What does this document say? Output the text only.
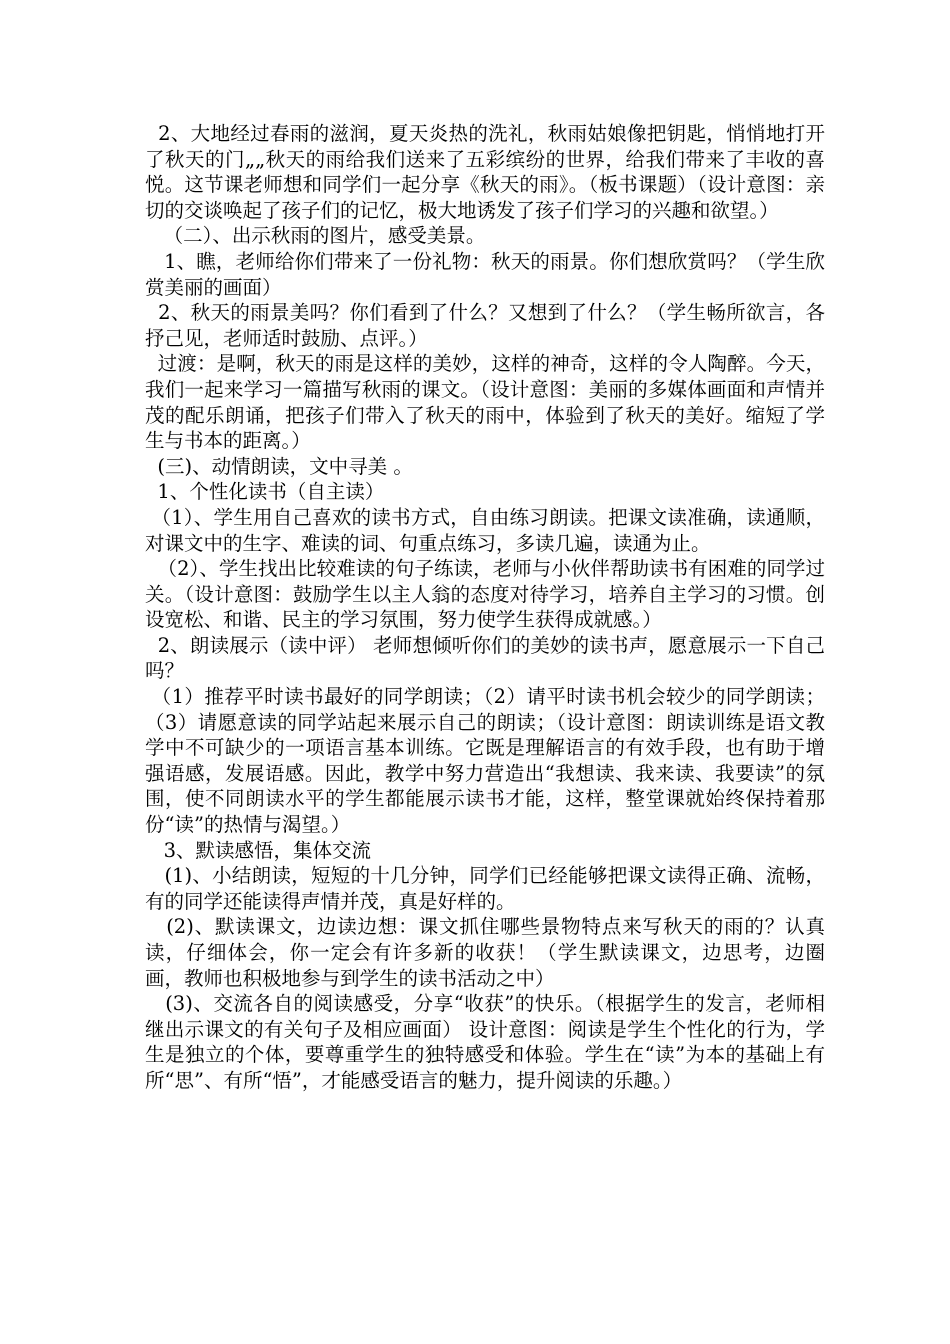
2、大地经过春雨的滋润，夏天炎热的洗礼，秋雨姑娘像把钥匙，悄悄地打开了秋天的门„„秋天的雨给我们送来了五彩缤纷的世界，给我们带来了丰收的喜悦。这节课老师想和同学们一起分享《秋天的雨》。（板书课题）（设计意图：亲切的交谈唤起了孩子们的记忆，极大地诱发了孩子们学习的兴趣和欲望。）

（二）、出示秋雨的图片，感受美景。

1、瞧，老师给你们带来了一份礼物：秋天的雨景。你们想欣赏吗？（学生欣赏美丽的画面）

2、秋天的雨景美吗？你们看到了什么？又想到了什么？（学生畅所欲言，各抒己见，老师适时鼓励、点评。）

过渡：是啊，秋天的雨是这样的美妙，这样的神奇，这样的令人陶醉。今天，我们一起来学习一篇描写秋雨的课文。（设计意图：美丽的多媒体画面和声情并茂的配乐朗诵，把孩子们带入了秋天的雨中，体验到了秋天的美好。缩短了学生与书本的距离。）

(三)、动情朗读，文中寻美 。

1、个性化读书（自主读）

（1）、学生用自己喜欢的读书方式，自由练习朗读。把课文读准确，读通顺，对课文中的生字、难读的词、句重点练习，多读几遍，读通为止。

（2）、学生找出比较难读的句子练读，老师与小伙伴帮助读书有困难的同学过关。（设计意图：鼓励学生以主人翁的态度对待学习，培养自主学习的习惯。创设宽松、和谐、民主的学习氛围，努力使学生获得成就感。）

2、朗读展示（读中评） 老师想倾听你们的美妙的读书声，愿意展示一下自己吗？

（1）推荐平时读书最好的同学朗读；（2）请平时读书机会较少的同学朗读；（3）请愿意读的同学站起来展示自己的朗读；（设计意图：朗读训练是语文教学中不可缺少的一项语言基本训练。它既是理解语言的有效手段，也有助于增强语感，发展语感。因此，教学中努力营造出“我想读、我来读、我要读”的氛围，使不同朗读水平的学生都能展示读书才能，这样，整堂课就始终保持着那份“读”的热情与渴望。）

3、默读感悟，集体交流

(1)、小结朗读，短短的十几分钟，同学们已经能够把课文读得正确、流畅，有的同学还能读得声情并茂，真是好样的。

(2)、默读课文，边读边想：课文抓住哪些景物特点来写秋天的雨的？认真读，仔细体会，你一定会有许多新的收获！（学生默读课文，边思考，边圈画，教师也积极地参与到学生的读书活动之中）

(3)、交流各自的阅读感受，分享“收获”的快乐。（根据学生的发言，老师相继出示课文的有关句子及相应画面） 设计意图：阅读是学生个性化的行为，学生是独立的个体，要尊重学生的独特感受和体验。学生在“读”为本的基础上有所“思”、有所“悟”，才能感受语言的魅力，提升阅读的乐趣。）
